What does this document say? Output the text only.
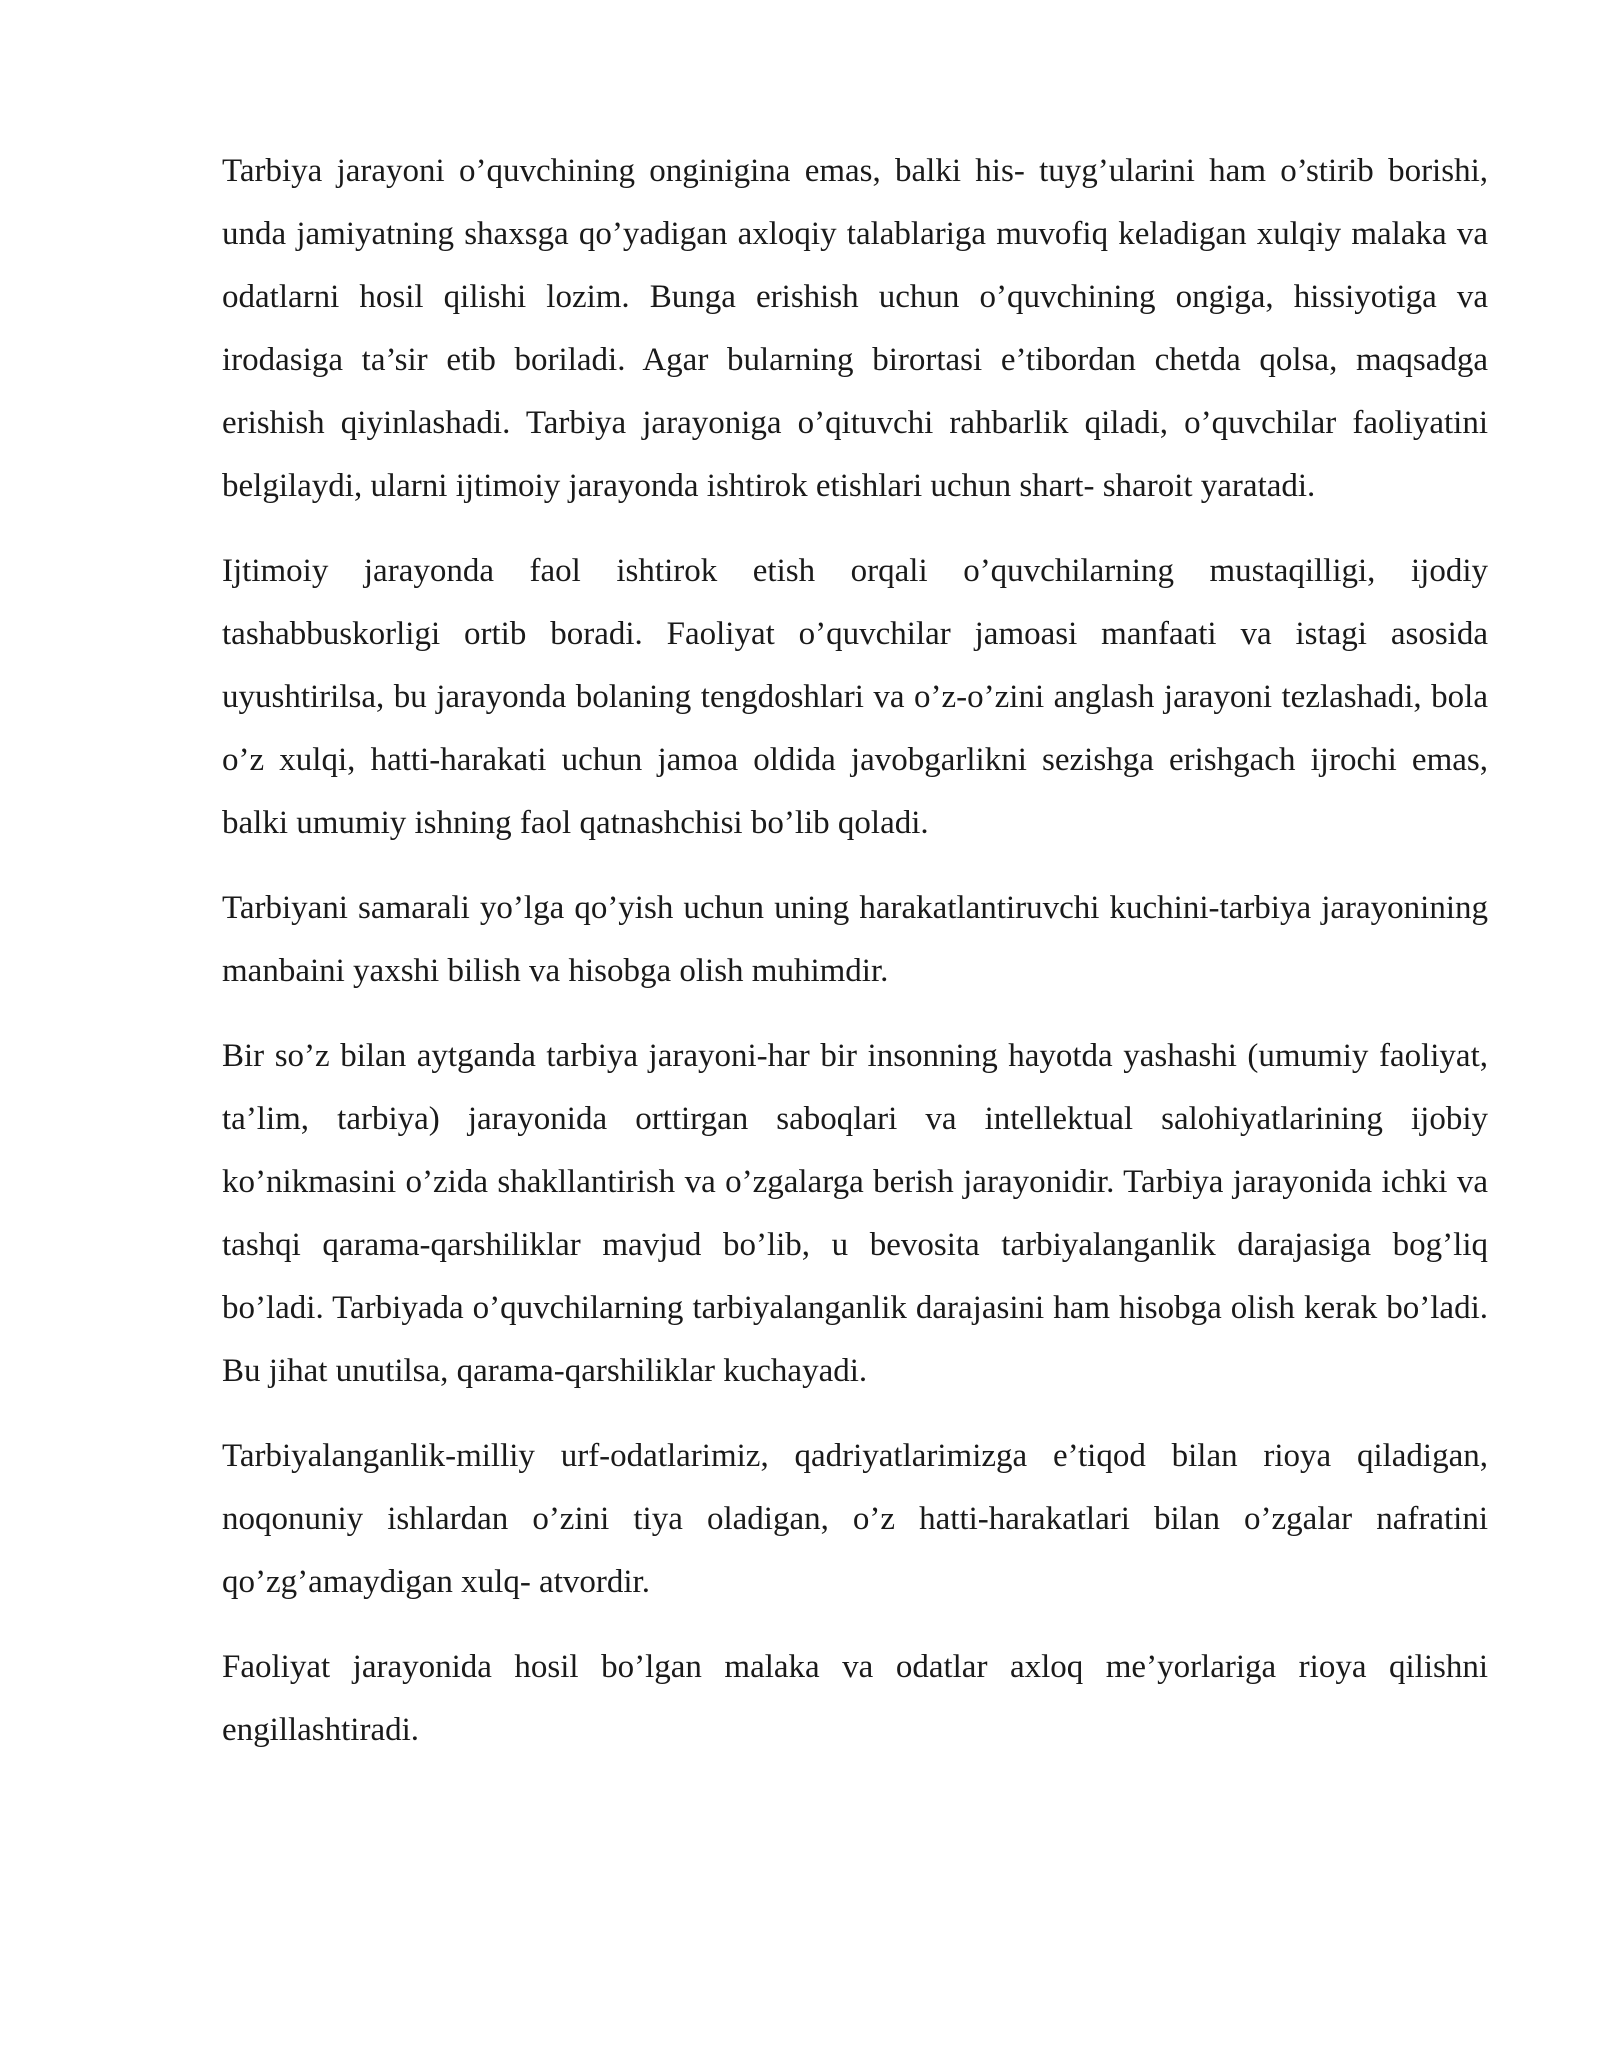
Tarbiya jarayoni o’quvchining onginigina emas, balki his- tuyg’ularini ham o’stirib borishi, unda jamiyatning shaxsga qo’yadigan axloqiy talablariga muvofiq keladigan xulqiy malaka va odatlarni hosil qilishi lozim. Bunga erishish uchun o’quvchining ongiga, hissiyotiga va irodasiga ta’sir etib boriladi. Agar bularning birortasi e’tibordan chetda qolsa, maqsadga erishish qiyinlashadi. Tarbiya jarayoniga o’qituvchi rahbarlik qiladi, o’quvchilar faoliyatini belgilaydi, ularni ijtimoiy jarayonda ishtirok etishlari uchun shart- sharoit yaratadi.

Ijtimoiy jarayonda faol ishtirok etish orqali o’quvchilarning mustaqilligi, ijodiy tashabbuskorligi ortib boradi. Faoliyat o’quvchilar jamoasi manfaati va istagi asosida uyushtirilsa, bu jarayonda bolaning tengdoshlari va o’z-o’zini anglash jarayoni tezlashadi, bola o’z xulqi, hatti-harakati uchun jamoa oldida javobgarlikni sezishga erishgach ijrochi emas, balki umumiy ishning faol qatnashchisi bo’lib qoladi.

Tarbiyani samarali yo’lga qo’yish uchun uning harakatlantiruvchi kuchini-tarbiya jarayonining manbaini yaxshi bilish va hisobga olish muhimdir.

Bir so’z bilan aytganda tarbiya jarayoni-har bir insonning hayotda yashashi (umumiy faoliyat, ta’lim, tarbiya) jarayonida orttirgan saboqlari va intellektual salohiyatlarining ijobiy ko’nikmasini o’zida shakllantirish va o’zgalarga berish jarayonidir. Tarbiya jarayonida ichki va tashqi qarama-qarshiliklar mavjud bo’lib, u bevosita tarbiyalanganlik darajasiga bog’liq bo’ladi. Tarbiyada o’quvchilarning tarbiyalanganlik darajasini ham hisobga olish kerak bo’ladi. Bu jihat unutilsa, qarama-qarshiliklar kuchayadi.

Tarbiyalanganlik-milliy urf-odatlarimiz, qadriyatlarimizga e’tiqod bilan rioya qiladigan, noqonuniy ishlardan o’zini tiya oladigan, o’z hatti-harakatlari bilan o’zgalar nafratini qo’zg’amaydigan xulq- atvordir.

Faoliyat jarayonida hosil bo’lgan malaka va odatlar axloq me’yorlariga rioya qilishni engillashtiradi.
